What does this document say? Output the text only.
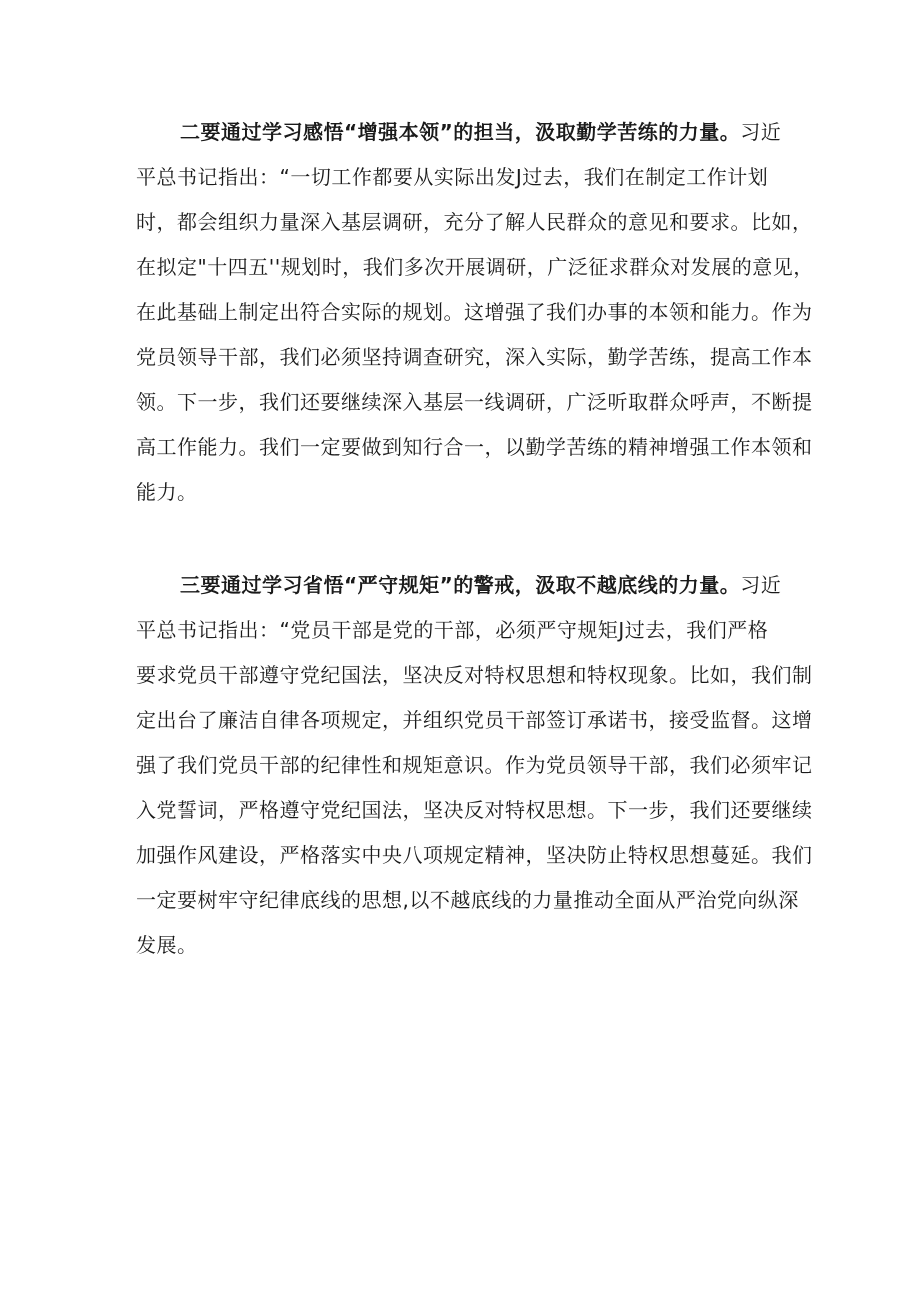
二要通过学习感悟“增强本领”的担当，汲取勤学苦练的力量。习近
平总书记指出：“一切工作都要从实际出发J过去，我们在制定工作计划
时，都会组织力量深入基层调研，充分了解人民群众的意见和要求。比如，
在拟定"十四五''规划时，我们多次开展调研，广泛征求群众对发展的意见，
在此基础上制定出符合实际的规划。这增强了我们办事的本领和能力。作为
党员领导干部，我们必须坚持调查研究，深入实际，勤学苦练，提高工作本
领。下一步，我们还要继续深入基层一线调研，广泛听取群众呼声，不断提
高工作能力。我们一定要做到知行合一，以勤学苦练的精神增强工作本领和
能力。
三要通过学习省悟“严守规矩”的警戒，汲取不越底线的力量。习近
平总书记指出：“党员干部是党的干部，必须严守规矩J过去，我们严格
要求党员干部遵守党纪国法，坚决反对特权思想和特权现象。比如，我们制
定出台了廉洁自律各项规定，并组织党员干部签订承诺书，接受监督。这增
强了我们党员干部的纪律性和规矩意识。作为党员领导干部，我们必须牢记
入党誓词，严格遵守党纪国法，坚决反对特权思想。下一步，我们还要继续
加强作风建设，严格落实中央八项规定精神，坚决防止特权思想蔓延。我们
一定要树牢守纪律底线的思想,以不越底线的力量推动全面从严治党向纵深
发展。
